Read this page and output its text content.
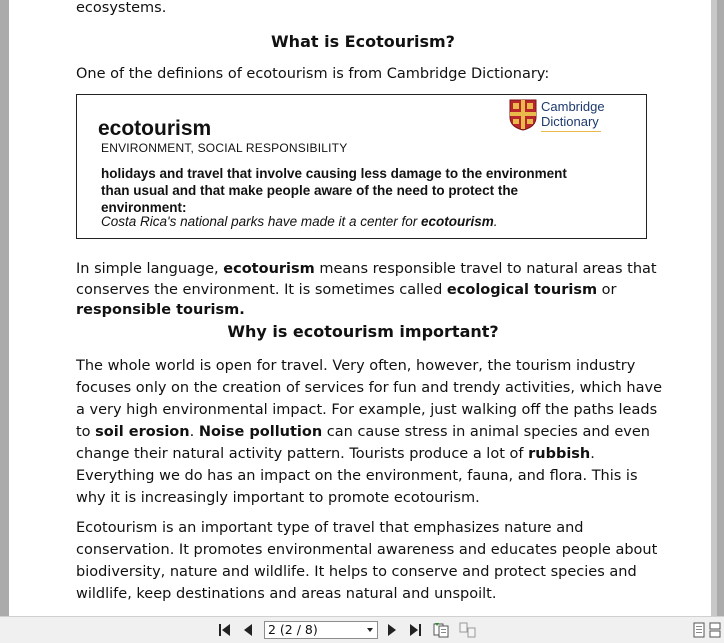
ecosystems.
What is Ecotourism?
One of the definions of ecotourism is from Cambridge Dictionary:
Cambridge
Dictionary
ecotourism
ENVIRONMENT, SOCIAL RESPONSIBILITY
holidays and travel that involve causing less damage to the environment than usual and that make people aware of the need to protect the environment:
Costa Rica's national parks have made it a center for ecotourism.
In simple language, ecotourism means responsible travel to natural areas that conserves the environment. It is sometimes called ecological tourism or responsible tourism.
Why is ecotourism important?
The whole world is open for travel. Very often, however, the tourism industry focuses only on the creation of services for fun and trendy activities, which have a very high environmental impact. For example, just walking off the paths leads to soil erosion. Noise pollution can cause stress in animal species and even change their natural activity pattern. Tourists produce a lot of rubbish. Everything we do has an impact on the environment, fauna, and flora. This is why it is increasingly important to promote ecotourism.
Ecotourism is an important type of travel that emphasizes nature and conservation. It promotes environmental awareness and educates people about biodiversity, nature and wildlife. It helps to conserve and protect species and wildlife, keep destinations and areas natural and unspoilt.
2 (2 / 8)
